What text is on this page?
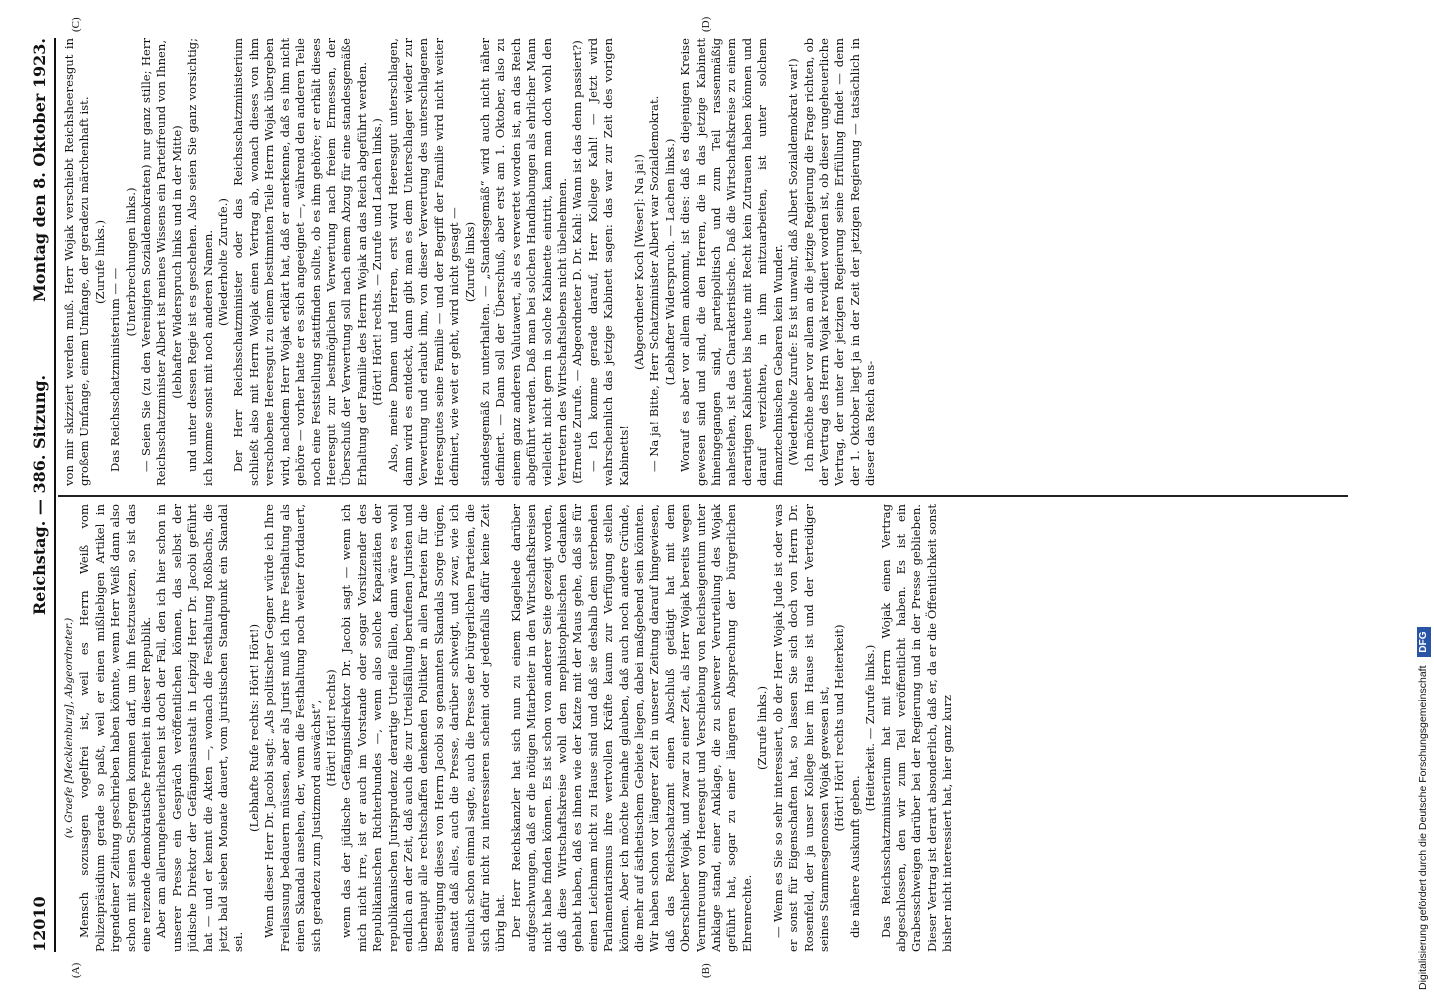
12010
Reichstag. — 386. Sitzung.
Montag den 8. Oktober 1923.
(A)	(B)
(C)	(D)

(v. Graefe [Mecklenburg], Abgeordneter.) Mensch sozusagen vogelfrei ist, weil es Herrn Weiß vom Polizeipräsidium gerade so paßt, weil er einen mißliebigen Artikel in irgendeiner Zeitung geschrieben haben könnte, wenn Herr Weiß dann also schon mit seinen Schergen kommen darf, um ihn festzusetzen, so ist das eine reizende demokratische Freiheit in dieser Republik. Aber am allerungeheuerlichsten ist doch der Fall, den ich hier schon in unserer Presse ein Gespräch veröffentlichen können, das selbst der jüdische Direktor der Gefängnisanstalt in Leipzig Herr Dr. Jacobi geführt hat — und er kennt die Akten —, wonach die Festhaltung Roßbachs, die jetzt bald sieben Monate dauert, vom juristischen Standpunkt ein Skandal sei.

(Lebhafte Rufe rechts: Hört! Hört!) Wenn dieser Herr Dr. Jacobi sagt: „Als politischer Gegner würde ich Ihre Freilassung bedauern müssen, aber als Jurist muß ich Ihre Festhaltung als einen Skandal ansehen, der, wenn die Festhaltung noch weiter fortdauert, sich geradezu zum Justizmord auswächst“, (Hört! Hört! rechts) wenn das der jüdische Gefängnisdirektor Dr. Jacobi sagt — wenn ich mich nicht irre, ist er auch im Vorstande oder sogar Vorsitzender des Republikanischen Richterbundes —, wenn also solche Kapazitäten der republikanischen Jurisprudenz derartige Urteile fällen, dann wäre es wohl endlich an der Zeit, daß auch die zur Urteilsfällung berufenen Juristen und überhaupt alle rechtschaffen denkenden Politiker in allen Parteien für die Beseitigung dieses von Herrn Jacobi so genannten Skandals Sorge trügen, anstatt daß alles, auch die Presse, darüber schweigt, und zwar, wie ich neulich schon einmal sagte, auch die Presse der bürgerlichen Parteien, die sich dafür nicht zu interessieren scheint oder jedenfalls dafür keine Zeit übrig hat. Der Herr Reichskanzler hat sich nun zu einem Klageliede darüber aufgeschwungen, daß er die nötigen Mitarbeiter in den Wirtschaftskreisen nicht habe finden können. Es ist schon von anderer Seite gezeigt worden, daß diese Wirtschaftskreise wohl den mephistophelischen Gedanken gehabt haben, daß es ihnen wie der Katze mit der Maus gehe, daß sie für einen Leichnam nicht zu Hause sind und daß sie deshalb dem sterbenden Parlamentarismus ihre wertvollen Kräfte kaum zur Verfügung stellen können. Aber ich möchte beinahe glauben, daß auch noch andere Gründe, die mehr auf ästhetischem Gebiete liegen, dabei maßgebend sein könnten. Wir haben schon vor längerer Zeit in unserer Zeitung darauf hingewiesen, daß das Reichsschatzamt einen Abschluß getätigt hat mit dem Oberschieber Wojak, und zwar zu einer Zeit, als Herr Wojak bereits wegen Veruntreuung von Heeresgut und Verschiebung von Reichseigentum unter Anklage stand, einer Anklage, die zu schwerer Verurteilung des Wojak geführt hat, sogar zu einer längeren Absprechung der bürgerlichen Ehrenrechte.

(Zurufe links.) — Wenn es Sie so sehr interessiert, ob der Herr Wojak Jude ist oder was er sonst für Eigenschaften hat, so lassen Sie sich doch von Herrn Dr. Rosenfeld, der ja unser Kollege hier im Hause ist und der Verteidiger seines Stammesgenossen Wojak gewesen ist, (Hört! Hört! rechts und Heiterkeit)

die nähere Auskunft geben.

(Heiterkeit. — Zurufe links.) Das Reichsschatzministerium hat mit Herrn Wojak einen Vertrag abgeschlossen, den wir zum Teil veröffentlicht haben. Es ist ein Grabesschweigen darüber bei der Regierung und in der Presse geblieben. Dieser Vertrag ist derart absonderlich, daß er, da er die Öffentlichkeit sonst bisher nicht interessiert hat, hier ganz kurz

von mir skizziert werden muß. Herr Wojak verschiebt Reichsheeresgut in großem Umfange, einem Umfange, der geradezu märchenhaft ist. (Zurufe links.)

Das Reichsschatzministerium — —

(Unterbrechungen links.) — Seien Sie (zu den Vereinigten Sozialdemokraten) nur ganz stille; Herr Reichsschatzminister Albert ist meines Wissens ein Parteifreund von Ihnen, (lebhafter Widerspruch links und in der Mitte) und unter dessen Regie ist es geschehen. Also seien Sie ganz vorsichtig; ich komme sonst mit noch anderen Namen. (Wiederholte Zurufe.) Der Herr Reichsschatzminister oder das Reichsschatzministerium schließt also mit Herrn Wojak einen Vertrag ab, wonach dieses von ihm verschobene Heeresgut zu einem bestimmten Teile Herrn Wojak übergeben wird, nachdem Herr Wojak erklärt hat, daß er anerkenne, daß es ihm nicht gehöre — vorher hatte er es sich angeeignet —, während den anderen Teile noch eine Feststellung stattfinden sollte, ob es ihm gehöre; er erhält dieses Heeresgut zur bestmöglichen Verwertung nach freiem Ermessen, der Überschuß der Verwertung soll nach einem Abzug für eine standesgemäße Erhaltung der Familie des Herrn Wojak an das Reich abgeführt werden. (Hört! Hört! rechts. — Zurufe und Lachen links.) Also, meine Damen und Herren, erst wird Heeresgut unterschlagen, dann wird es entdeckt, dann gibt man es dem Unterschlager wieder zur Verwertung und erlaubt ihm, von dieser Verwertung des unterschlagenen Heeresgutes seine Familie — und der Begriff der Familie wird nicht weiter definiert, wie weit er geht, wird nicht gesagt — (Zurufe links) standesgemäß zu unterhalten. — „Standesgemäß“ wird auch nicht näher definiert. — Dann soll der Überschuß, aber erst am 1. Oktober, also zu einem ganz anderen Valutawert, als es verwertet worden ist, an das Reich abgeführt werden. Daß man bei solchen Handhabungen als ehrlicher Mann vielleicht nicht gern in solche Kabinette eintritt, kann man doch wohl den Vertretern des Wirtschaftslebens nicht übelnehmen. (Erneute Zurufe. — Abgeordneter D. Dr. Kahl: Wann ist das denn passiert?) — Ich komme gerade darauf, Herr Kollege Kahl! — Jetzt wird wahrscheinlich das jetzige Kabinett sagen: das war zur Zeit des vorigen Kabinetts!

(Abgeordneter Koch [Weser]: Na ja!) — Na ja! Bitte, Herr Schatzminister Albert war Sozialdemokrat. (Lebhafter Widerspruch. — Lachen links.) Worauf es aber vor allem ankommt, ist dies: daß es diejenigen Kreise gewesen sind und sind, die den Herren, die in das jetzige Kabinett hineingegangen sind, parteipolitisch und zum Teil rassenmäßig nahestehen, ist das Charakteristische. Daß die Wirtschaftskreise zu einem derartigen Kabinett bis heute mit Recht kein Zutrauen haben können und darauf verzichten, in ihm mitzuarbeiten, ist unter solchem finanztechnischen Gebaren kein Wunder. (Wiederholte Zurufe: Es ist unwahr, daß Albert Sozialdemokrat war!) Ich möchte aber vor allem an die jetzige Regierung die Frage richten, ob der Vertrag des Herrn Wojak revidiert worden ist, ob dieser ungeheuerliche Vertrag, der unter der jetzigen Regierung seine Erfüllung findet — denn der 1. Oktober liegt ja in der Zeit der jetzigen Regierung — tatsächlich in dieser das Reich aus-

Digitalisierung gefördert durch die Deutsche Forschungsgemeinschaft DFG
